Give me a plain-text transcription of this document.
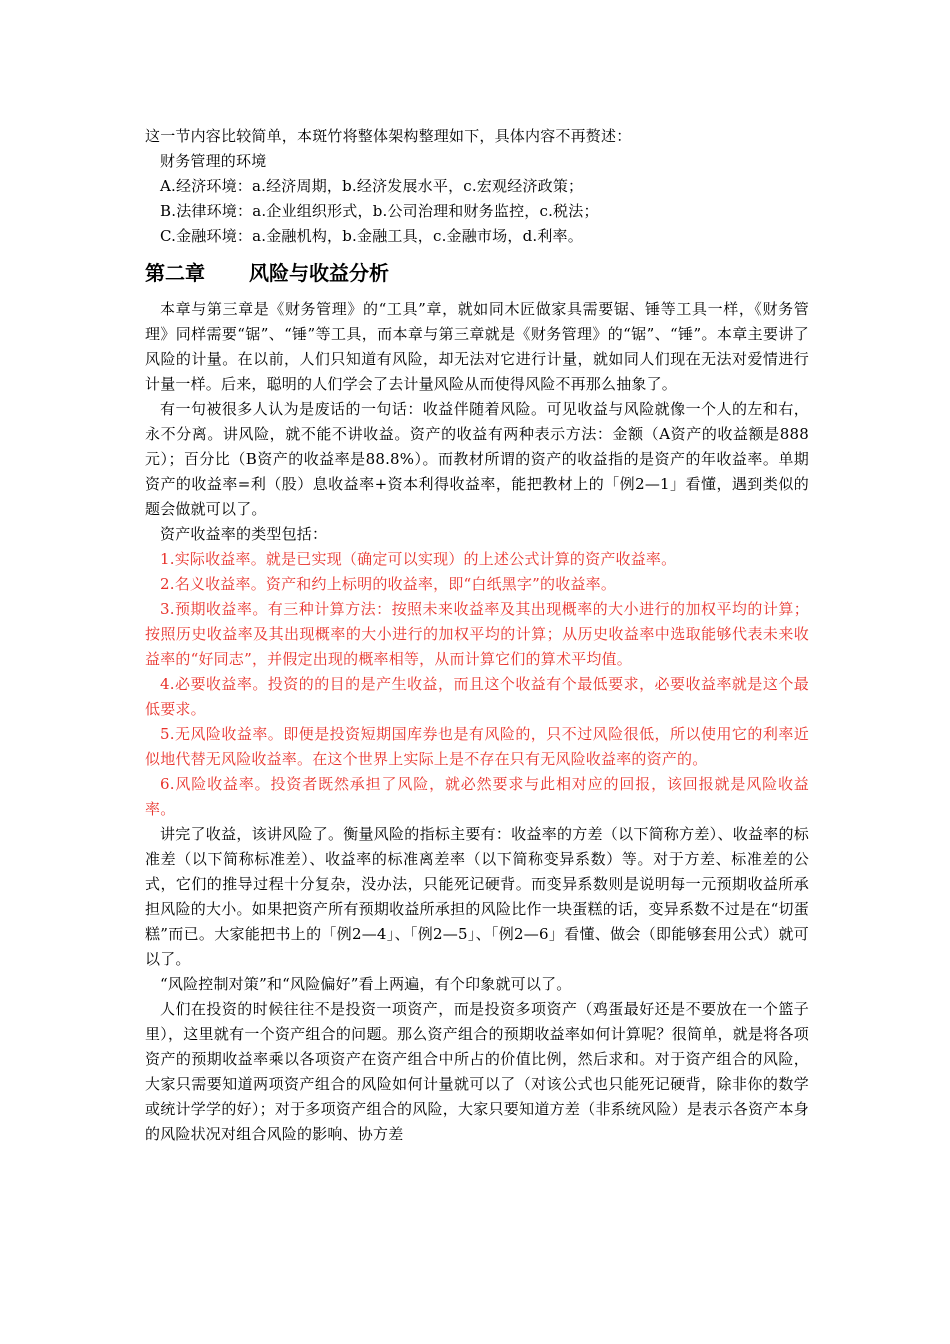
这一节内容比较简单，本斑竹将整体架构整理如下，具体内容不再赘述：

财务管理的环境

A.经济环境：a.经济周期，b.经济发展水平，c.宏观经济政策；

B.法律环境：a.企业组织形式，b.公司治理和财务监控，c.税法；

C.金融环境：a.金融机构，b.金融工具，c.金融市场，d.利率。

第二章 风险与收益分析

本章与第三章是《财务管理》的“工具”章，就如同木匠做家具需要锯、锤等工具一样，《财务管理》同样需要“锯”、“锤”等工具，而本章与第三章就是《财务管理》的“锯”、“锤”。本章主要讲了风险的计量。在以前，人们只知道有风险，却无法对它进行计量，就如同人们现在无法对爱情进行计量一样。后来，聪明的人们学会了去计量风险从而使得风险不再那么抽象了。

有一句被很多人认为是废话的一句话：收益伴随着风险。可见收益与风险就像一个人的左和右，永不分离。讲风险，就不能不讲收益。资产的收益有两种表示方法：金额（A资产的收益额是888元）；百分比（B资产的收益率是88.8%）。而教材所谓的资产的收益指的是资产的年收益率。单期资产的收益率=利（股）息收益率+资本利得收益率，能把教材上的「例2—1」看懂，遇到类似的题会做就可以了。

资产收益率的类型包括：

1.实际收益率。就是已实现（确定可以实现）的上述公式计算的资产收益率。

2.名义收益率。资产和约上标明的收益率，即“白纸黑字”的收益率。

3.预期收益率。有三种计算方法：按照未来收益率及其出现概率的大小进行的加权平均的计算；按照历史收益率及其出现概率的大小进行的加权平均的计算；从历史收益率中选取能够代表未来收益率的“好同志”，并假定出现的概率相等，从而计算它们的算术平均值。

4.必要收益率。投资的的目的是产生收益，而且这个收益有个最低要求，必要收益率就是这个最低要求。

5.无风险收益率。即便是投资短期国库券也是有风险的，只不过风险很低，所以使用它的利率近似地代替无风险收益率。在这个世界上实际上是不存在只有无风险收益率的资产的。

6.风险收益率。投资者既然承担了风险，就必然要求与此相对应的回报，该回报就是风险收益率。

讲完了收益，该讲风险了。衡量风险的指标主要有：收益率的方差（以下简称方差）、收益率的标准差（以下简称标准差）、收益率的标准离差率（以下简称变异系数）等。对于方差、标准差的公式，它们的推导过程十分复杂，没办法，只能死记硬背。而变异系数则是说明每一元预期收益所承担风险的大小。如果把资产所有预期收益所承担的风险比作一块蛋糕的话，变异系数不过是在“切蛋糕”而已。大家能把书上的「例2—4」、「例2—5」、「例2—6」看懂、做会（即能够套用公式）就可以了。

“风险控制对策”和“风险偏好”看上两遍，有个印象就可以了。

人们在投资的时候往往不是投资一项资产，而是投资多项资产（鸡蛋最好还是不要放在一个篮子里），这里就有一个资产组合的问题。那么资产组合的预期收益率如何计算呢？很简单，就是将各项资产的预期收益率乘以各项资产在资产组合中所占的价值比例，然后求和。对于资产组合的风险，大家只需要知道两项资产组合的风险如何计量就可以了（对该公式也只能死记硬背，除非你的数学或统计学学的好）；对于多项资产组合的风险，大家只要知道方差（非系统风险）是表示各资产本身的风险状况对组合风险的影响、协方差
